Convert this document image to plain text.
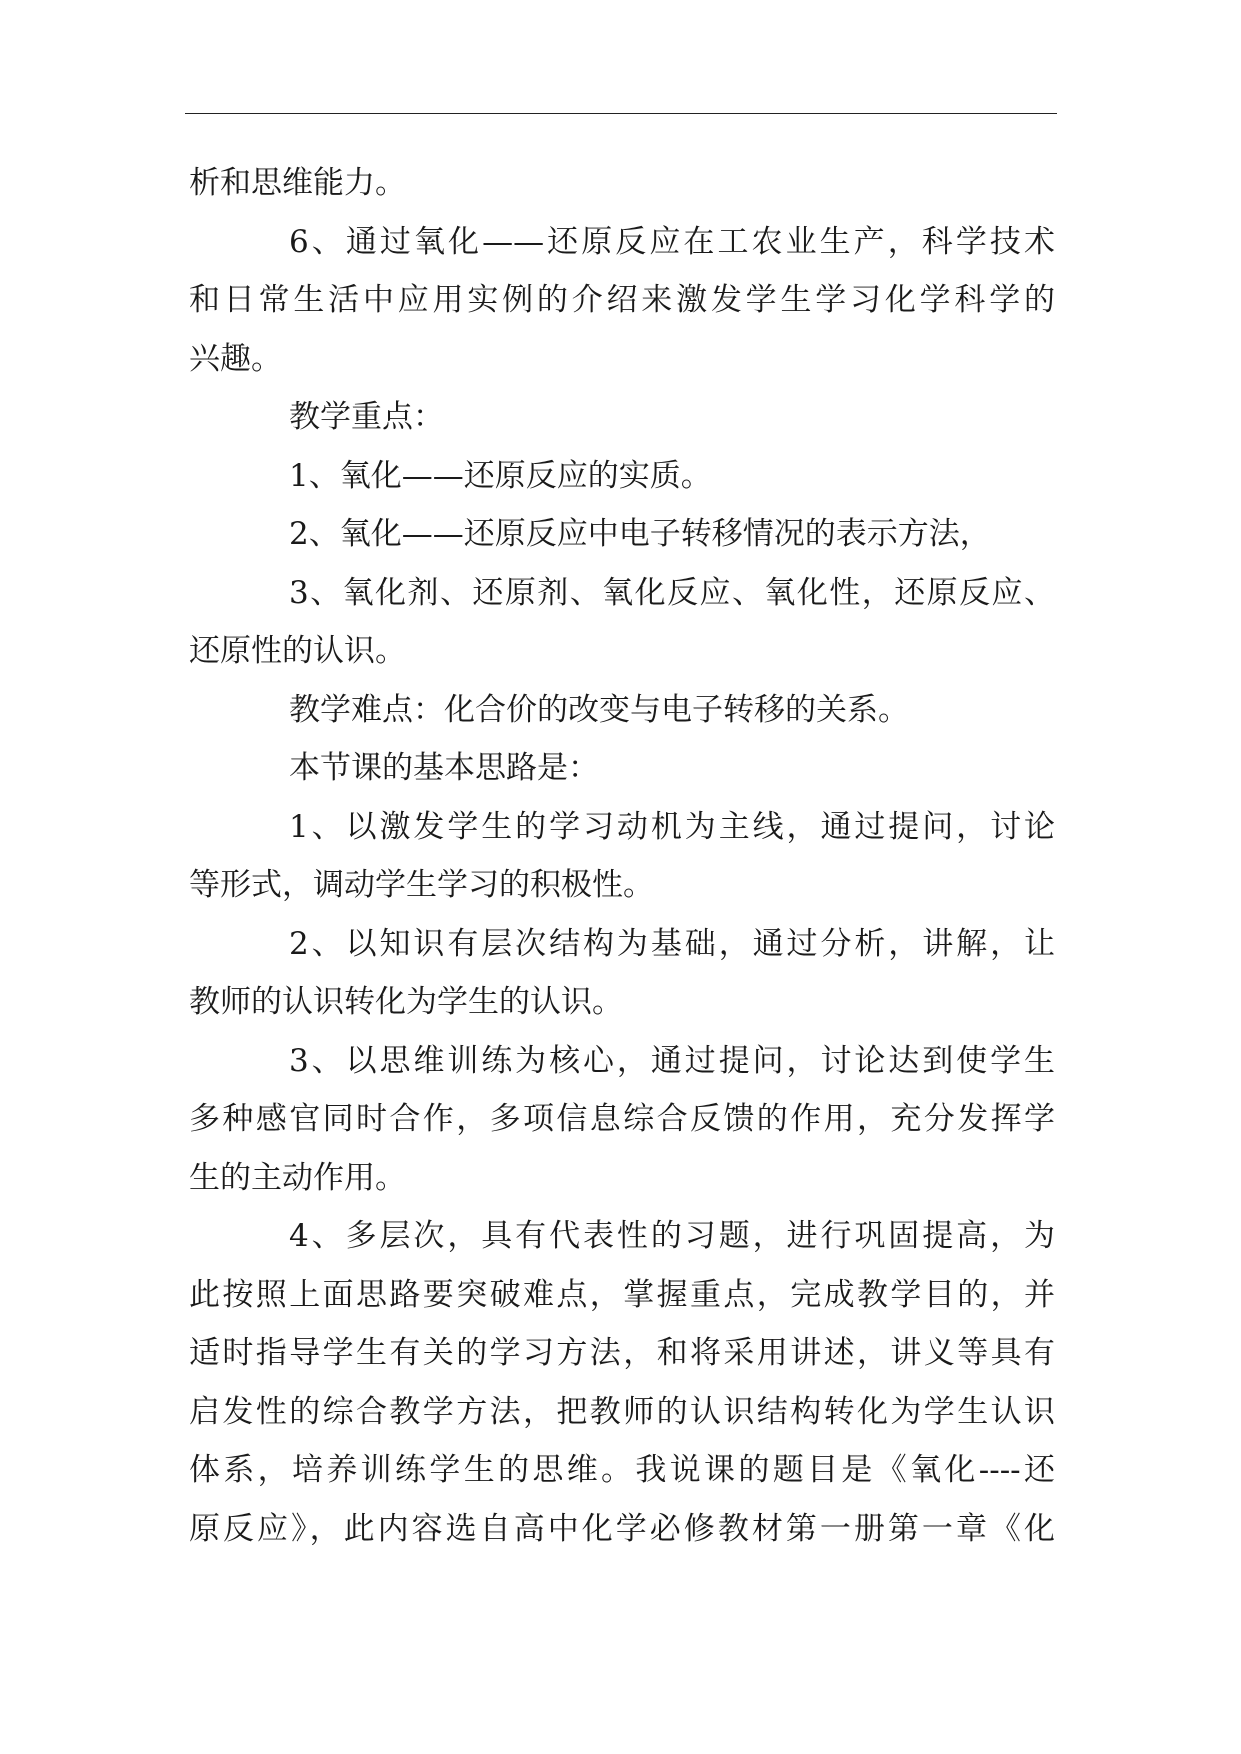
析和思维能力。
6、通过氧化——还原反应在工农业生产，科学技术
和日常生活中应用实例的介绍来激发学生学习化学科学的
兴趣。
教学重点：
1、氧化——还原反应的实质。
2、氧化——还原反应中电子转移情况的表示方法，
3、氧化剂、还原剂、氧化反应、氧化性，还原反应、
还原性的认识。
教学难点：化合价的改变与电子转移的关系。
本节课的基本思路是：
1、以激发学生的学习动机为主线，通过提问，讨论
等形式，调动学生学习的积极性。
2、以知识有层次结构为基础，通过分析，讲解，让
教师的认识转化为学生的认识。
3、以思维训练为核心，通过提问，讨论达到使学生
多种感官同时合作，多项信息综合反馈的作用，充分发挥学
生的主动作用。
4、多层次，具有代表性的习题，进行巩固提高，为
此按照上面思路要突破难点，掌握重点，完成教学目的，并
适时指导学生有关的学习方法，和将采用讲述，讲义等具有
启发性的综合教学方法，把教师的认识结构转化为学生认识
体系，培养训练学生的思维。我说课的题目是《氧化----还
原反应》，此内容选自高中化学必修教材第一册第一章《化
